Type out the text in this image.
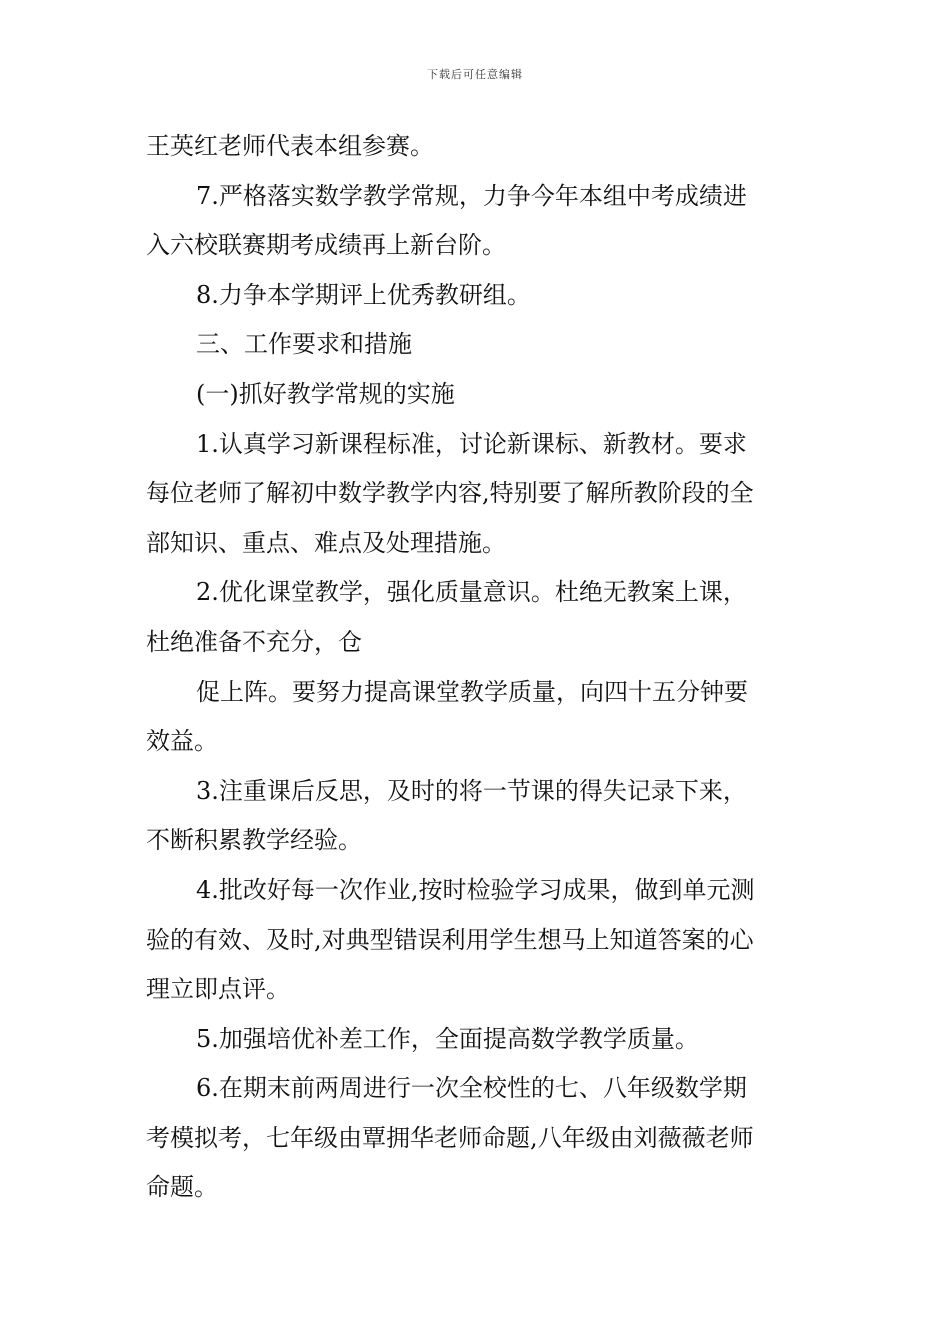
下载后可任意编辑

王英红老师代表本组参赛。

7.严格落实数学教学常规，力争今年本组中考成绩进

入六校联赛期考成绩再上新台阶。

8.力争本学期评上优秀教研组。

三、工作要求和措施

(一)抓好教学常规的实施

1.认真学习新课程标准，讨论新课标、新教材。要求

每位老师了解初中数学教学内容,特别要了解所教阶段的全

部知识、重点、难点及处理措施。

2.优化课堂教学，强化质量意识。杜绝无教案上课，

杜绝准备不充分，仓

促上阵。要努力提高课堂教学质量，向四十五分钟要

效益。

3.注重课后反思，及时的将一节课的得失记录下来，

不断积累教学经验。

4.批改好每一次作业,按时检验学习成果，做到单元测

验的有效、及时,对典型错误利用学生想马上知道答案的心

理立即点评。

5.加强培优补差工作，全面提高数学教学质量。

6.在期末前两周进行一次全校性的七、八年级数学期

考模拟考，七年级由覃拥华老师命题,八年级由刘薇薇老师

命题。
